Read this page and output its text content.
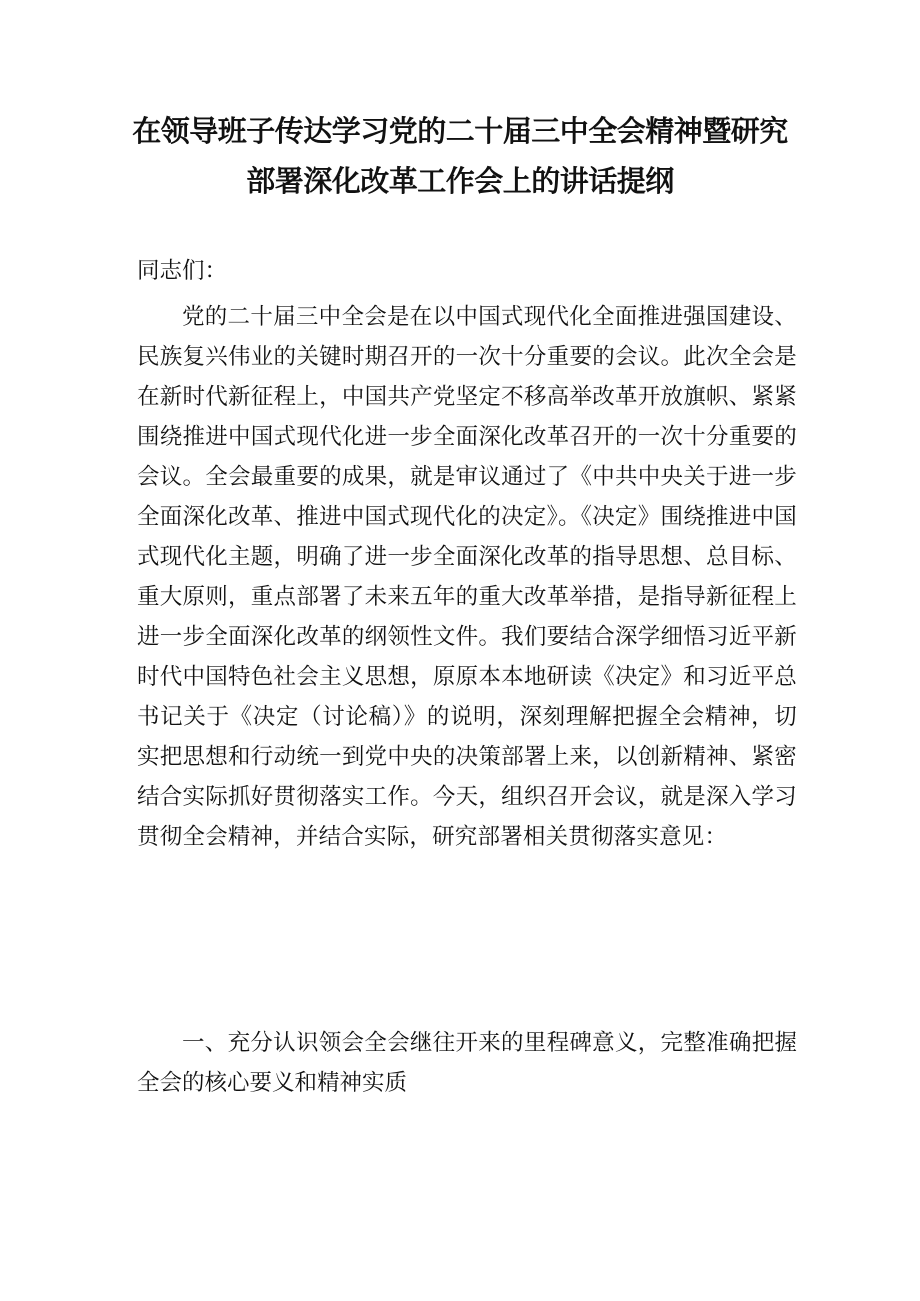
在领导班子传达学习党的二十届三中全会精神暨研究
部署深化改革工作会上的讲话提纲
同志们：
党的二十届三中全会是在以中国式现代化全面推进强国建设、民族复兴伟业的关键时期召开的一次十分重要的会议。此次全会是在新时代新征程上，中国共产党坚定不移高举改革开放旗帜、紧紧围绕推进中国式现代化进一步全面深化改革召开的一次十分重要的会议。全会最重要的成果，就是审议通过了《中共中央关于进一步全面深化改革、推进中国式现代化的决定》。《决定》围绕推进中国式现代化主题，明确了进一步全面深化改革的指导思想、总目标、重大原则，重点部署了未来五年的重大改革举措，是指导新征程上进一步全面深化改革的纲领性文件。我们要结合深学细悟习近平新时代中国特色社会主义思想，原原本本地研读《决定》和习近平总书记关于《决定（讨论稿）》的说明，深刻理解把握全会精神，切实把思想和行动统一到党中央的决策部署上来，以创新精神、紧密结合实际抓好贯彻落实工作。今天，组织召开会议，就是深入学习贯彻全会精神，并结合实际，研究部署相关贯彻落实意见：
一、充分认识领会全会继往开来的里程碑意义，完整准确把握全会的核心要义和精神实质
